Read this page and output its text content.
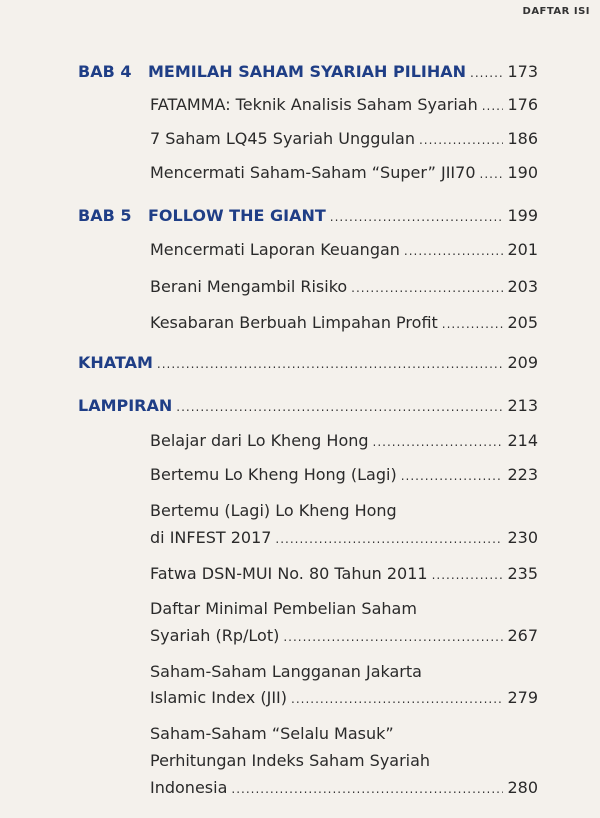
DAFTAR ISI
BAB 4	MEMILAH SAHAM SYARIAH PILIHAN .....	173
FATAMMA: Teknik Analisis Saham Syariah ..... 176
7 Saham LQ45 Syariah Unggulan .....	186
Mencermati Saham-Saham “Super” JII70 ..... 190
BAB 5	FOLLOW THE GIANT .....	199
Mencermati Laporan Keuangan .....	201
Berani Mengambil Risiko .....	203
Kesabaran Berbuah Limpahan Profit .....	205
KHATAM .....	209
LAMPIRAN .....	213
Belajar dari Lo Kheng Hong .....	214
Bertemu Lo Kheng Hong (Lagi) .....	223
Bertemu (Lagi) Lo Kheng Hong
di INFEST 2017 .....	230
Fatwa DSN-MUI No. 80 Tahun 2011 .....	235
Daftar Minimal Pembelian Saham
Syariah (Rp/Lot) .....	267
Saham-Saham Langganan Jakarta
Islamic Index (JII) .....	279
Saham-Saham “Selalu Masuk”
Perhitungan Indeks Saham Syariah
Indonesia .....	280
